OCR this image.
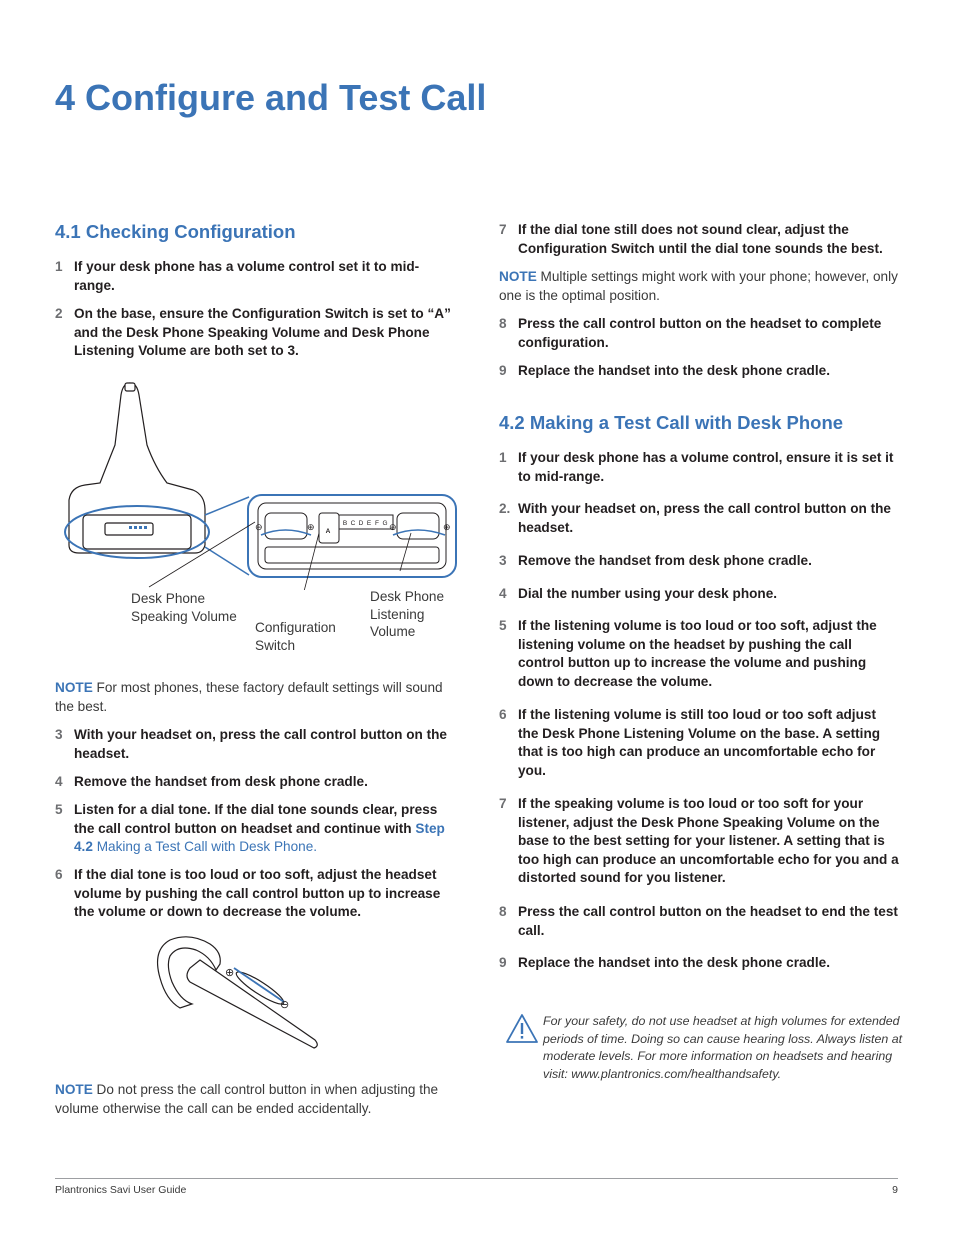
4 Configure and Test Call
4.1 Checking Configuration
1 If your desk phone has a volume control set it to mid-range.
2 On the base, ensure the Configuration Switch is set to “A” and the Desk Phone Speaking Volume and Desk Phone Listening Volume are both set to 3.
A
B C D E F G
⊖	⊕	⊖	⊕
Desk Phone
Speaking Volume
Configuration
Switch
Desk Phone
Listening Volume
NOTE For most phones, these factory default settings will sound the best.
3 With your headset on, press the call control button on the headset.
4 Remove the handset from desk phone cradle.
5 Listen for a dial tone. If the dial tone sounds clear, press the call control button on headset and continue with Step 4.2 Making a Test Call with Desk Phone.
6 If the dial tone is too loud or too soft, adjust the headset volume by pushing the call control button up to increase the volume or down to decrease the volume.
⊕
⊖
NOTE Do not press the call control button in when adjusting the volume otherwise the call can be ended accidentally.
7 If the dial tone still does not sound clear, adjust the Configuration Switch until the dial tone sounds the best.
NOTE Multiple settings might work with your phone; however, only one is the optimal position.
8 Press the call control button on the headset to complete configuration.
9 Replace the handset into the desk phone cradle.
4.2 Making a Test Call with Desk Phone
1 If your desk phone has a volume control, ensure it is set it to mid-range.
2. With your headset on, press the call control button on the headset.
3 Remove the handset from desk phone cradle.
4 Dial the number using your desk phone.
5 If the listening volume is too loud or too soft, adjust the listening volume on the headset by pushing the call control button up to increase the volume and pushing down to decrease the volume.
6 If the listening volume is still too loud or too soft adjust the Desk Phone Listening Volume on the base. A setting that is too high can produce an uncomfortable echo for you.
7 If the speaking volume is too loud or too soft for your listener, adjust the Desk Phone Speaking Volume on the base to the best setting for your listener. A setting that is too high can produce an uncomfortable echo for you and a distorted sound for you listener.
8 Press the call control button on the headset to end the test call.
9 Replace the handset into the desk phone cradle.
For your safety, do not use headset at high volumes for extended periods of time. Doing so can cause hearing loss. Always listen at moderate levels. For more information on headsets and hearing visit: www.plantronics.com/healthandsafety.
Plantronics Savi User Guide	9
